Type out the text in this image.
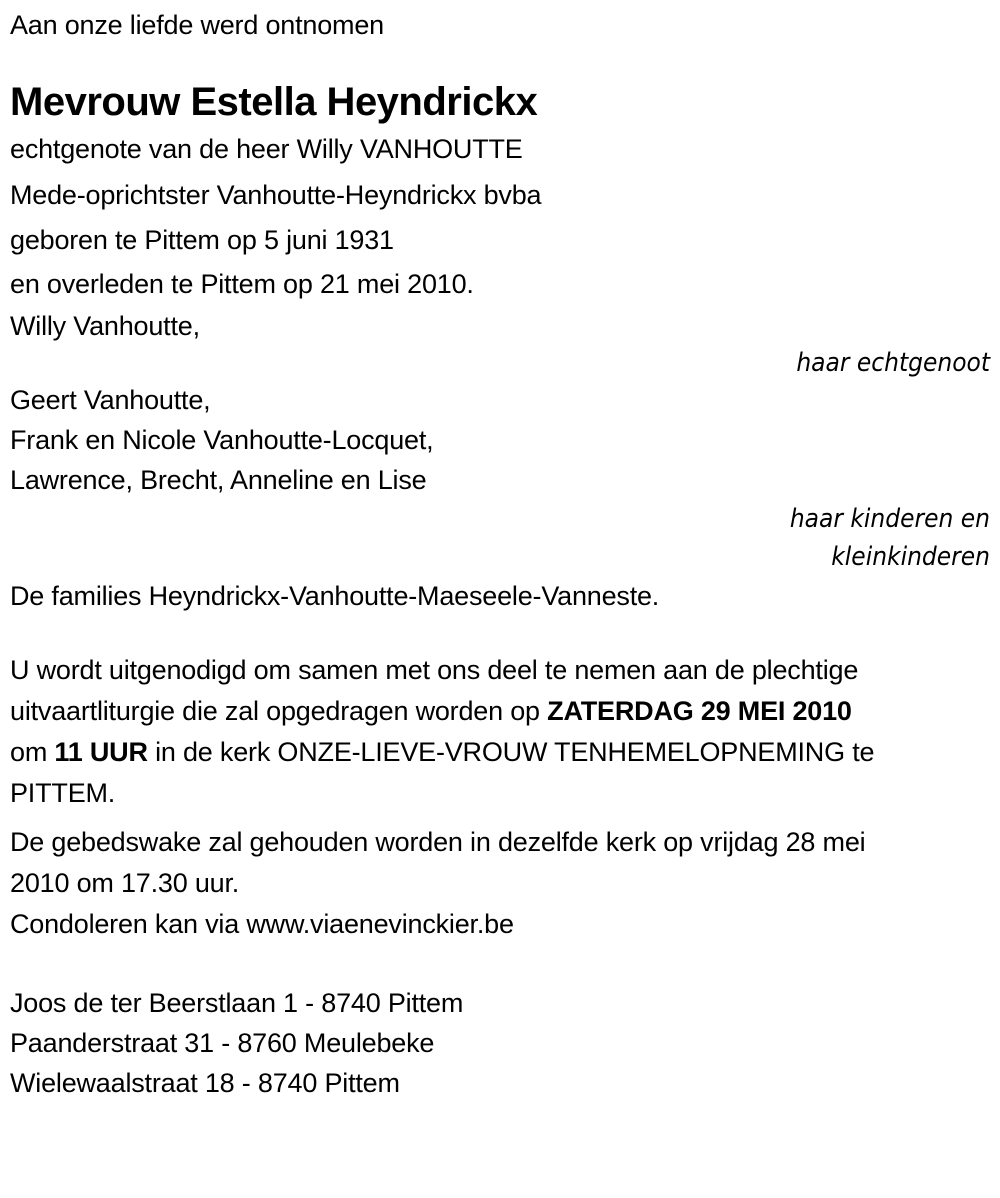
Aan onze liefde werd ontnomen

Mevrouw Estella Heyndrickx

echtgenote van de heer Willy VANHOUTTE

Mede-oprichtster Vanhoutte-Heyndrickx bvba

geboren te Pittem op 5 juni 1931

en overleden te Pittem op 21 mei 2010.

Willy Vanhoutte,

haar echtgenoot

Geert Vanhoutte,

Frank en Nicole Vanhoutte-Locquet,

Lawrence, Brecht, Anneline en Lise

haar kinderen en

kleinkinderen

De families Heyndrickx-Vanhoutte-Maeseele-Vanneste.

U wordt uitgenodigd om samen met ons deel te nemen aan de plechtige
uitvaartliturgie die zal opgedragen worden op ZATERDAG 29 MEI 2010
om 11 UUR in de kerk ONZE-LIEVE-VROUW TENHEMELOPNEMING te
PITTEM.
De gebedswake zal gehouden worden in dezelfde kerk op vrijdag 28 mei
2010 om 17.30 uur.

Condoleren kan via www.viaenevinckier.be

Joos de ter Beerstlaan 1 - 8740 Pittem
Paanderstraat 31 - 8760 Meulebeke
Wielewaalstraat 18 - 8740 Pittem
